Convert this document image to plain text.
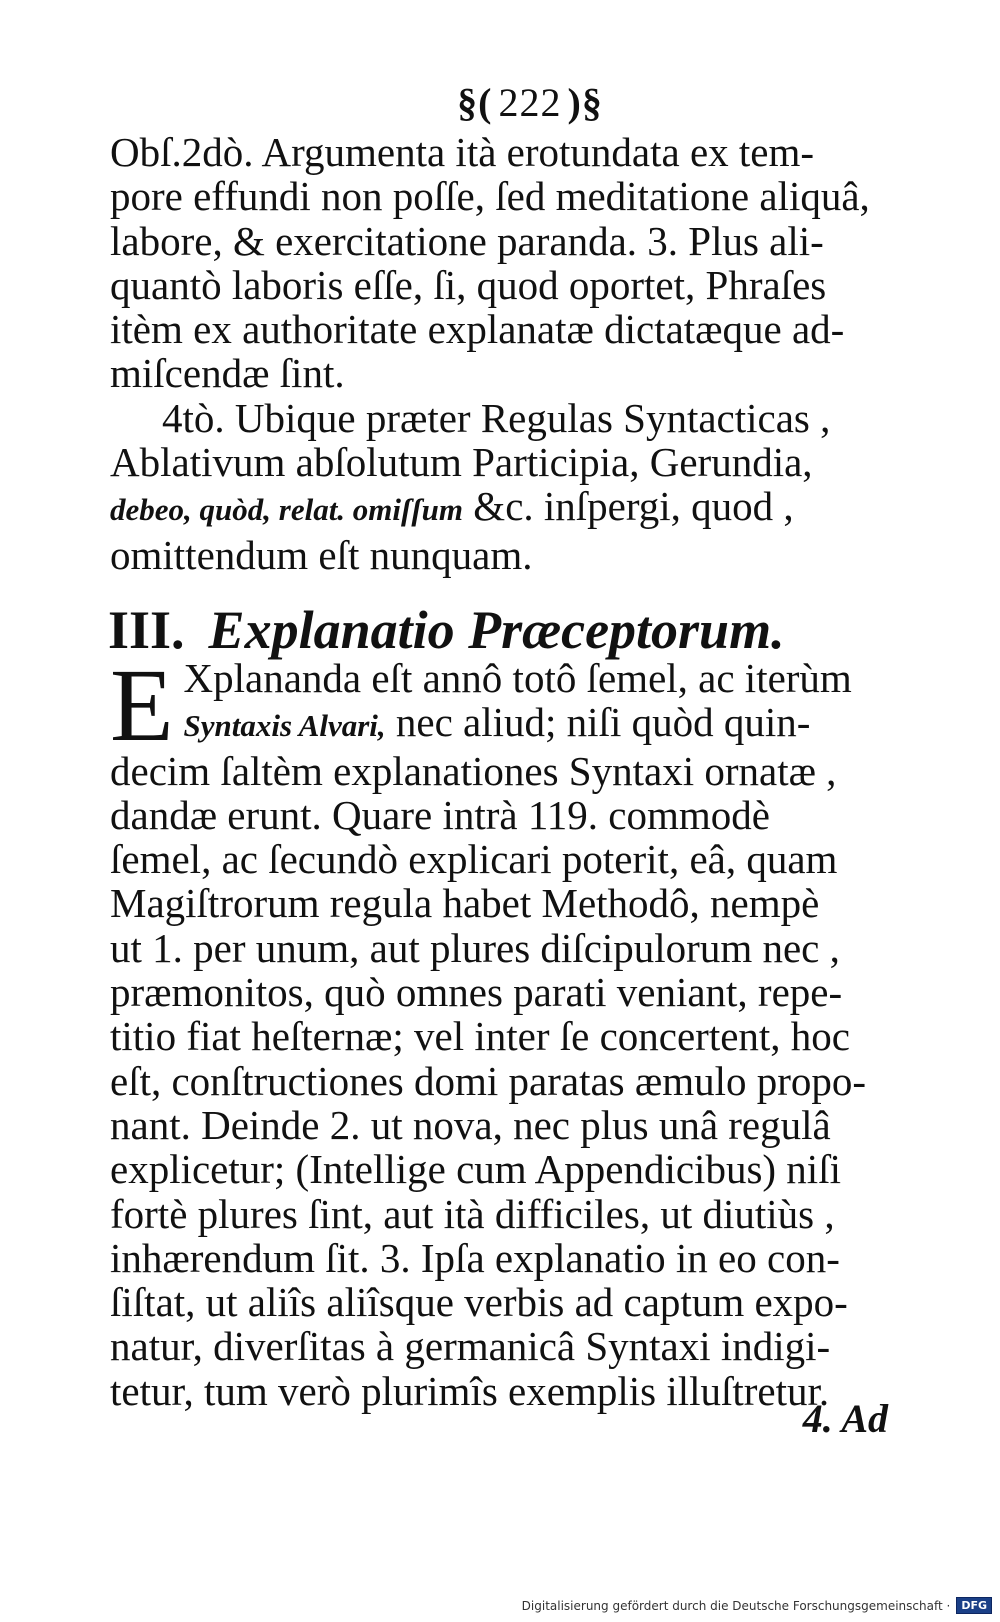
§( 222 )§
Obſ.2dò. Argumenta ità erotundata ex tem-
pore effundi non poſſe, ſed meditatione aliquâ,
labore, & exercitatione paranda. 3. Plus ali-
quantò laboris eſſe, ſi, quod oportet, Phraſes
itèm ex authoritate explanatæ dictatæque ad-
miſcendæ ſint.
4tò. Ubique præter Regulas Syntacticas ,
Ablativum abſolutum Participia, Gerundia,
debeo, quòd, relat. omiſſum &c. inſpergi, quod ,
omittendum eſt nunquam.
III. Explanatio Præceptorum.
E Xplananda eſt annô totô ſemel, ac iterùm
Syntaxis Alvari, nec aliud; niſi quòd quin-
decim ſaltèm explanationes Syntaxi ornatæ ,
dandæ erunt. Quare intrà 119. commodè
ſemel, ac ſecundò explicari poterit, eâ, quam
Magiſtrorum regula habet Methodô, nempè
ut 1. per unum, aut plures diſcipulorum nec ,
præmonitos, quò omnes parati veniant, repe-
titio fiat heſternæ; vel inter ſe concertent, hoc
eſt, conſtructiones domi paratas æmulo propo-
nant. Deinde 2. ut nova, nec plus unâ regulâ
explicetur; (Intellige cum Appendicibus) niſi
fortè plures ſint, aut ità difficiles, ut diutiùs ,
inhærendum ſit. 3. Ipſa explanatio in eo con-
ſiſtat, ut aliîs aliîsque verbis ad captum expo-
natur, diverſitas à germanicâ Syntaxi indigi-
tetur, tum verò plurimîs exemplis illuſtretur.
4. Ad
Digitalisierung gefördert durch die Deutsche Forschungsgemeinschaft ·	DFG
